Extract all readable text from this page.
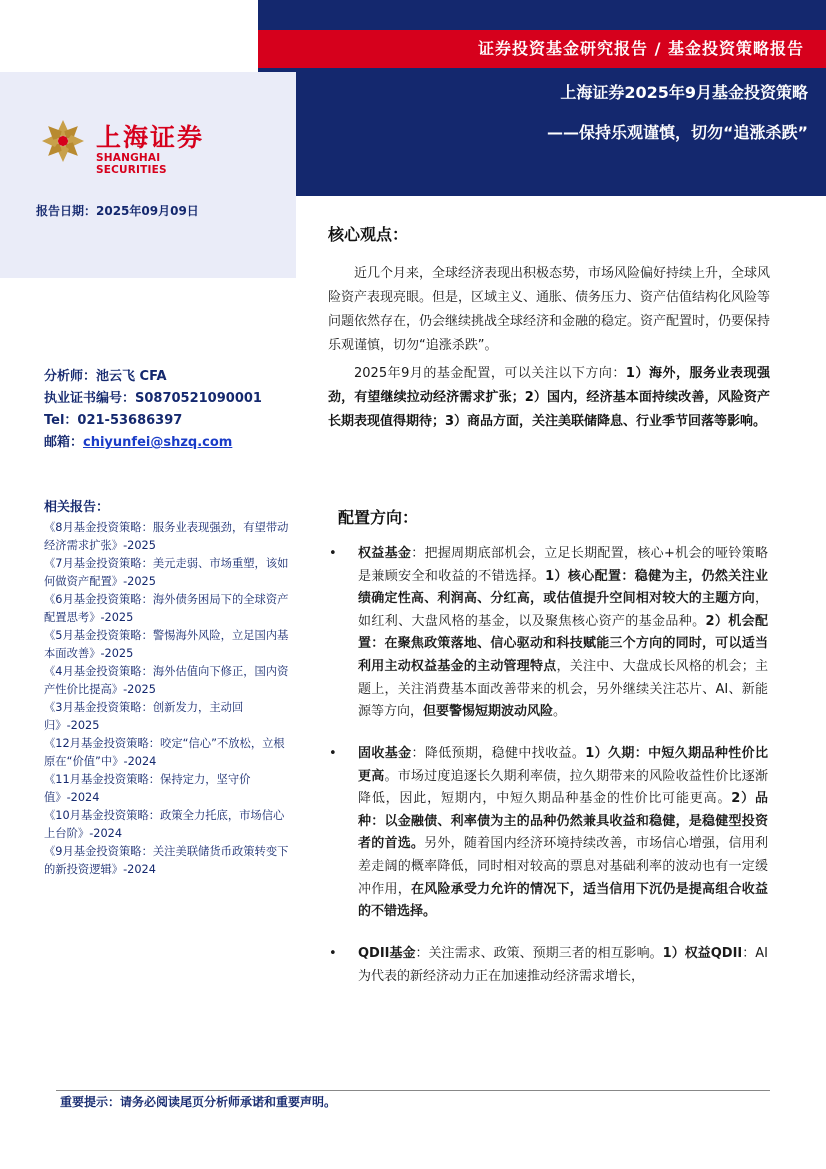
证券投资基金研究报告 / 基金投资策略报告
上海证券2025年9月基金投资策略
——保持乐观谨慎，切勿“追涨杀跌”
上海证券
SHANGHAI SECURITIES
报告日期：2025年09月09日
核心观点：
近几个月来，全球经济表现出积极态势，市场风险偏好持续上升，全球风险资产表现亮眼。但是，区域主义、通胀、债务压力、资产估值结构化风险等问题依然存在，仍会继续挑战全球经济和金融的稳定。资产配置时，仍要保持乐观谨慎，切勿“追涨杀跌”。
2025年9月的基金配置，可以关注以下方向：1）海外，服务业表现强劲，有望继续拉动经济需求扩张；2）国内，经济基本面持续改善，风险资产长期表现值得期待；3）商品方面，关注美联储降息、行业季节回落等影响。
分析师：池云飞 CFA
执业证书编号：S0870521090001
Tel：021-53686397
邮箱：chiyunfei@shzq.com
相关报告：
《8月基金投资策略：服务业表现强劲，有望带动经济需求扩张》-2025
《7月基金投资策略：美元走弱、市场重塑，该如何做资产配置》-2025
《6月基金投资策略：海外债务困局下的全球资产配置思考》-2025
《5月基金投资策略：警惕海外风险，立足国内基本面改善》-2025
《4月基金投资策略：海外估值向下修正，国内资产性价比提高》-2025
《3月基金投资策略：创新发力，主动回归》-2025
《12月基金投资策略：咬定“信心”不放松，立根原在“价值”中》-2024
《11月基金投资策略：保持定力，坚守价值》-2024
《10月基金投资策略：政策全力托底，市场信心上台阶》-2024
《9月基金投资策略：关注美联储货币政策转变下的新投资逻辑》-2024
配置方向：
• 权益基金：把握周期底部机会，立足长期配置，核心+机会的哑铃策略是兼顾安全和收益的不错选择。1）核心配置：稳健为主，仍然关注业绩确定性高、利润高、分红高，或估值提升空间相对较大的主题方向，如红利、大盘风格的基金，以及聚焦核心资产的基金品种。2）机会配置：在聚焦政策落地、信心驱动和科技赋能三个方向的同时，可以适当利用主动权益基金的主动管理特点，关注中、大盘成长风格的机会；主题上，关注消费基本面改善带来的机会，另外继续关注芯片、AI、新能源等方向，但要警惕短期波动风险。
• 固收基金：降低预期，稳健中找收益。1）久期：中短久期品种性价比更高。市场过度追逐长久期利率债，拉久期带来的风险收益性价比逐渐降低，因此，短期内，中短久期品种基金的性价比可能更高。2）品种：以金融债、利率债为主的品种仍然兼具收益和稳健，是稳健型投资者的首选。另外，随着国内经济环境持续改善，市场信心增强，信用利差走阔的概率降低，同时相对较高的票息对基础利率的波动也有一定缓冲作用，在风险承受力允许的情况下，适当信用下沉仍是提高组合收益的不错选择。
• QDII基金：关注需求、政策、预期三者的相互影响。1）权益QDII：AI为代表的新经济动力正在加速推动经济需求增长，
重要提示：请务必阅读尾页分析师承诺和重要声明。
